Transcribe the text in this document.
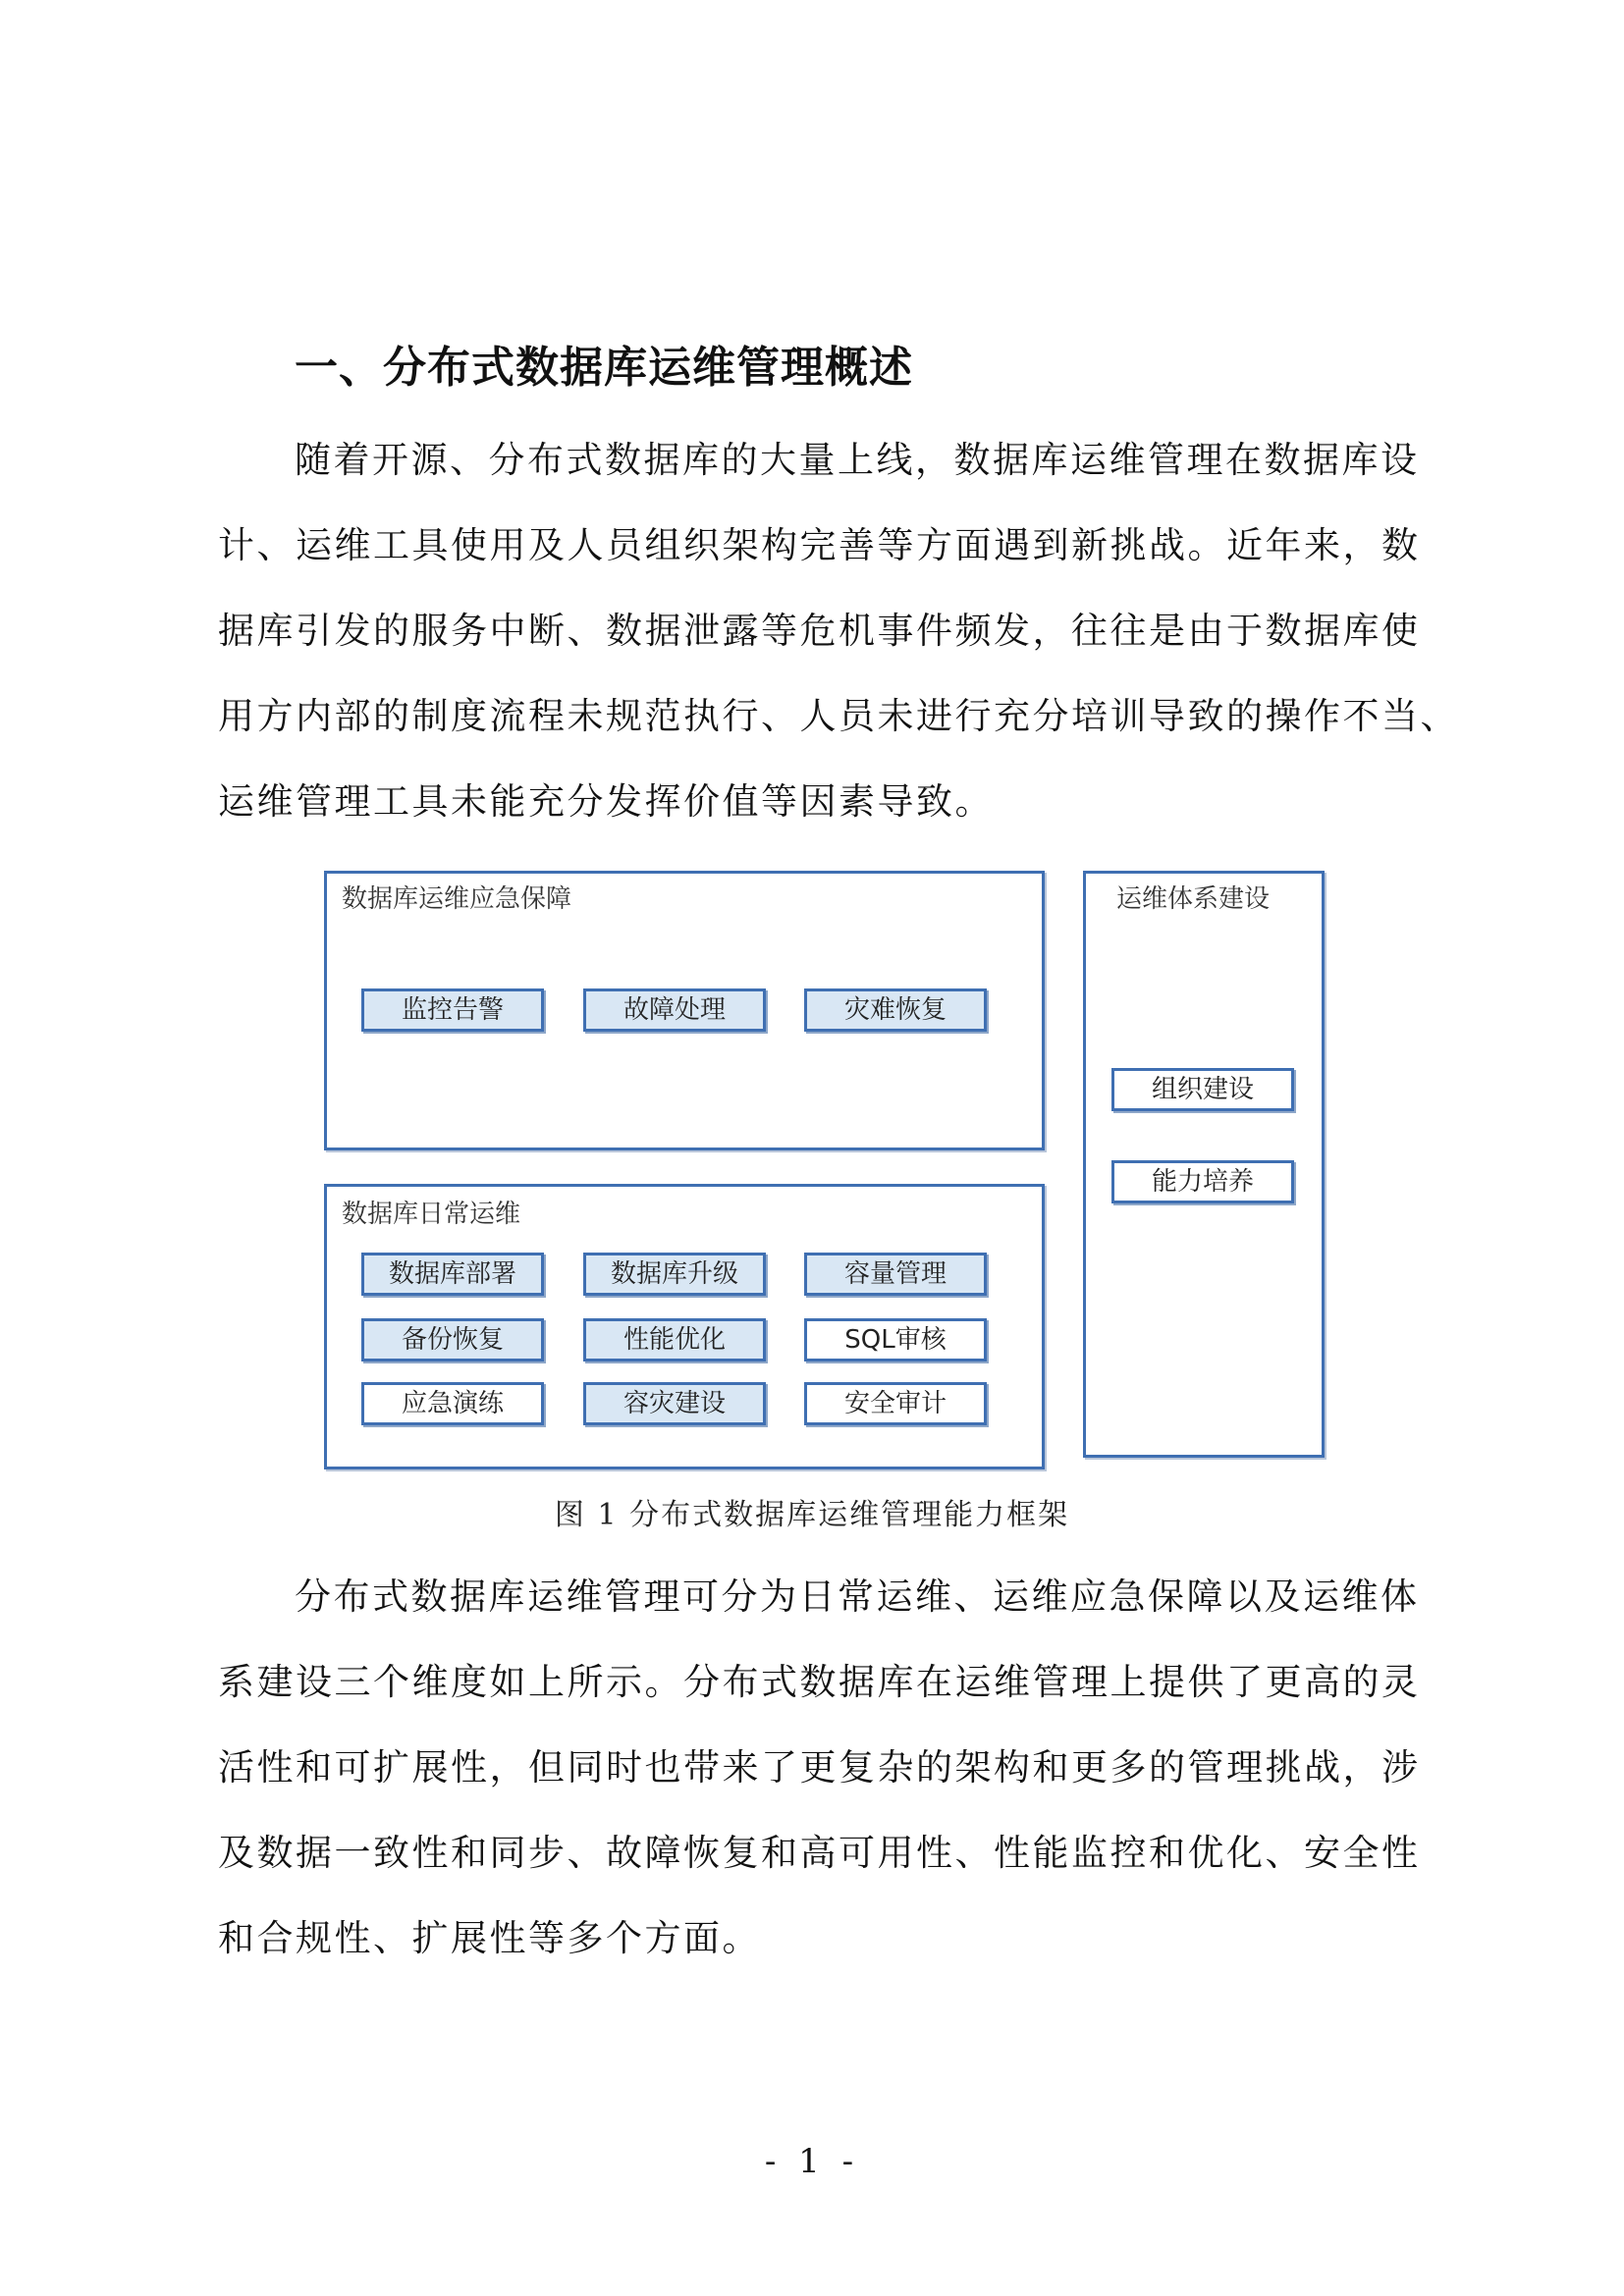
一、分布式数据库运维管理概述

随着开源、分布式数据库的大量上线，数据库运维管理在数据库设
计、运维工具使用及人员组织架构完善等方面遇到新挑战。近年来，数
据库引发的服务中断、数据泄露等危机事件频发，往往是由于数据库使
用方内部的制度流程未规范执行、人员未进行充分培训导致的操作不当、
运维管理工具未能充分发挥价值等因素导致。

数据库运维应急保障
监控告警	故障处理	灾难恢复
数据库日常运维
数据库部署	数据库升级	容量管理
备份恢复	性能优化	SQL审核
应急演练	容灾建设	安全审计
运维体系建设
组织建设
能力培养

图 1 分布式数据库运维管理能力框架

分布式数据库运维管理可分为日常运维、运维应急保障以及运维体
系建设三个维度如上所示。分布式数据库在运维管理上提供了更高的灵
活性和可扩展性，但同时也带来了更复杂的架构和更多的管理挑战，涉
及数据一致性和同步、故障恢复和高可用性、性能监控和优化、安全性
和合规性、扩展性等多个方面。

- 1 -
